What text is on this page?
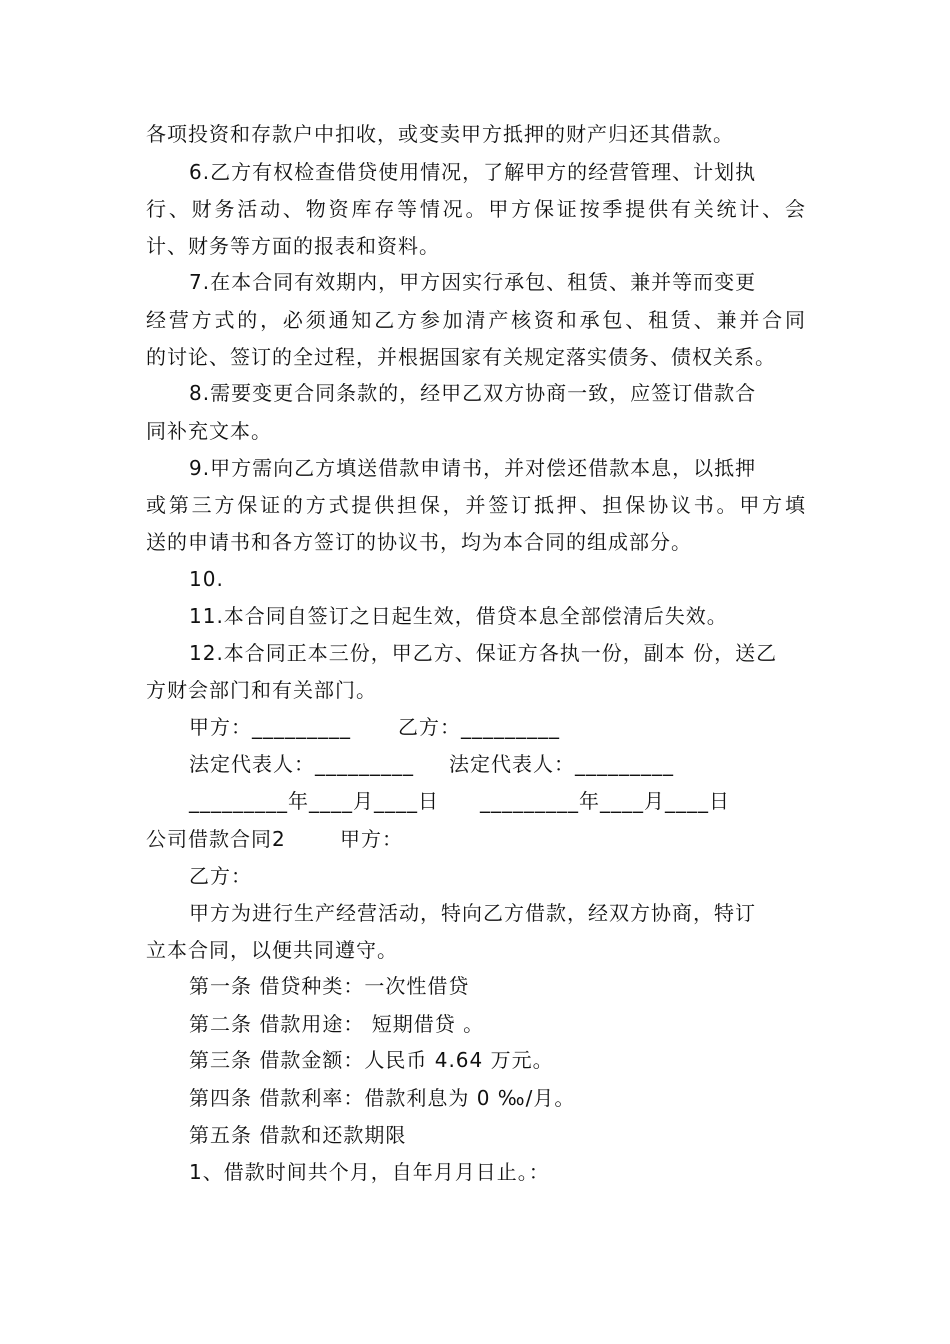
各项投资和存款户中扣收，或变卖甲方抵押的财产归还其借款。
6.乙方有权检查借贷使用情况，了解甲方的经营管理、计划执
行、财务活动、物资库存等情况。甲方保证按季提供有关统计、会
计、财务等方面的报表和资料。
7.在本合同有效期内，甲方因实行承包、租赁、兼并等而变更
经营方式的，必须通知乙方参加清产核资和承包、租赁、兼并合同
的讨论、签订的全过程，并根据国家有关规定落实债务、债权关系。
8.需要变更合同条款的，经甲乙双方协商一致，应签订借款合
同补充文本。
9.甲方需向乙方填送借款申请书，并对偿还借款本息，以抵押
或第三方保证的方式提供担保，并签订抵押、担保协议书。甲方填
送的申请书和各方签订的协议书，均为本合同的组成部分。
10.
11.本合同自签订之日起生效，借贷本息全部偿清后失效。
12.本合同正本三份，甲乙方、保证方各执一份，副本 份，送乙
方财会部门和有关部门。
甲方：_________ 乙方：_________
法定代表人：_________ 法定代表人：_________
_________年____月____日 _________年____月____日
公司借款合同2	甲方：
乙方：
甲方为进行生产经营活动，特向乙方借款，经双方协商，特订
立本合同，以便共同遵守。
第一条 借贷种类：一次性借贷
第二条 借款用途： 短期借贷 。
第三条 借款金额：人民币 4.64 万元。
第四条 借款利率：借款利息为 0 ‰/月。
第五条 借款和还款期限
1、借款时间共个月，自年月月日止。：
